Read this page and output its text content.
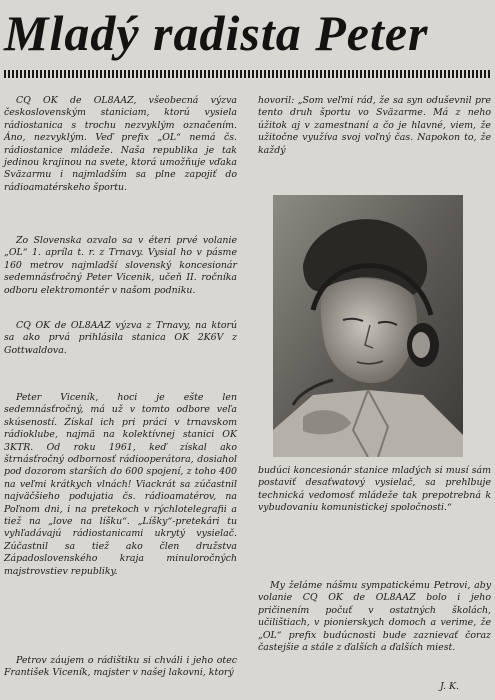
Mladý radista Peter

CQ OK de OL8AAZ, všeobecná výzva československým staniciam, ktorú vysiela rádiostanica s trochu nezvyklým označením. Áno, nezvyklým. Veď prefix „OL“ nemá čs. rádiostanice mládeže. Naša republika je tak jedinou krajinou na svete, ktorá umožňuje vďaka Sväzarmu i najmladším sa plne zapojiť do rádioamatérskeho športu.

Zo Slovenska ozvalo sa v éteri prvé volanie „OL“ 1. apríla t. r. z Trnavy. Vysial ho v pásme 160 metrov najmladší slovenský koncesionár sedemnásťročný Peter Vicenik, učeň II. ročníka odboru elektromontér v našom podniku.

CQ OK de OL8AAZ výzva z Trnavy, na ktorú sa ako prvá prihlásila stanica OK 2K6V z Gottwaldova.

Peter Viceník, hoci je ešte len sedemnásťročný, má už v tomto odbore veľa skúseností. Získal ich pri práci v trnavskom rádioklube, najmä na kolektívnej stanici OK 3KTR. Od roku 1961, keď získal ako štrnásťročný odbornosť rádiooperátora, dosiahol pod dozorom starších do 600 spojení, z toho 400 na veľmi krátkych vlnách! Viackrát sa zúčastnil najväčšieho podujatia čs. rádioamatérov, na Poľnom dni, i na pretekoch v rýchlotelegrafii a tiež na „love na líšku“. „Líšky“-pretekári tu vyhľadávajú rádiostanicami ukrytý vysielač. Zúčastnil sa tiež ako člen družstva Západoslovenského kraja minuloročných majstrovstiev republiky.

Petrov záujem o rádištiku si chváli i jeho otec František Viceník, majster v našej lakovni, ktorý

hovoril: „Som veľmi rád, že sa syn oduševnil pre tento druh športu vo Sväzarme. Má z neho úžitok aj v zamestnaní a čo je hlavné, viem, že užitočne využíva svoj voľný čas. Napokon to, že každý

budúci koncesionár stanice mladých si musí sám postaviť desaťwatový vysielač, sa prehlbuje technická vedomosť mládeže tak prepotrebná k vybudovaniu komunistickej spoločnosti.“

My želáme nášmu sympatickému Petrovi, aby volanie CQ OK de OL8AAZ bolo i jeho pričinením počuť v ostatných školách, učilištiach, v pionierskych domoch a verime, že „OL“ prefix budúcnosti bude zaznievať čoraz častejšie a stále z ďalších a ďalších miest.

J. K.
